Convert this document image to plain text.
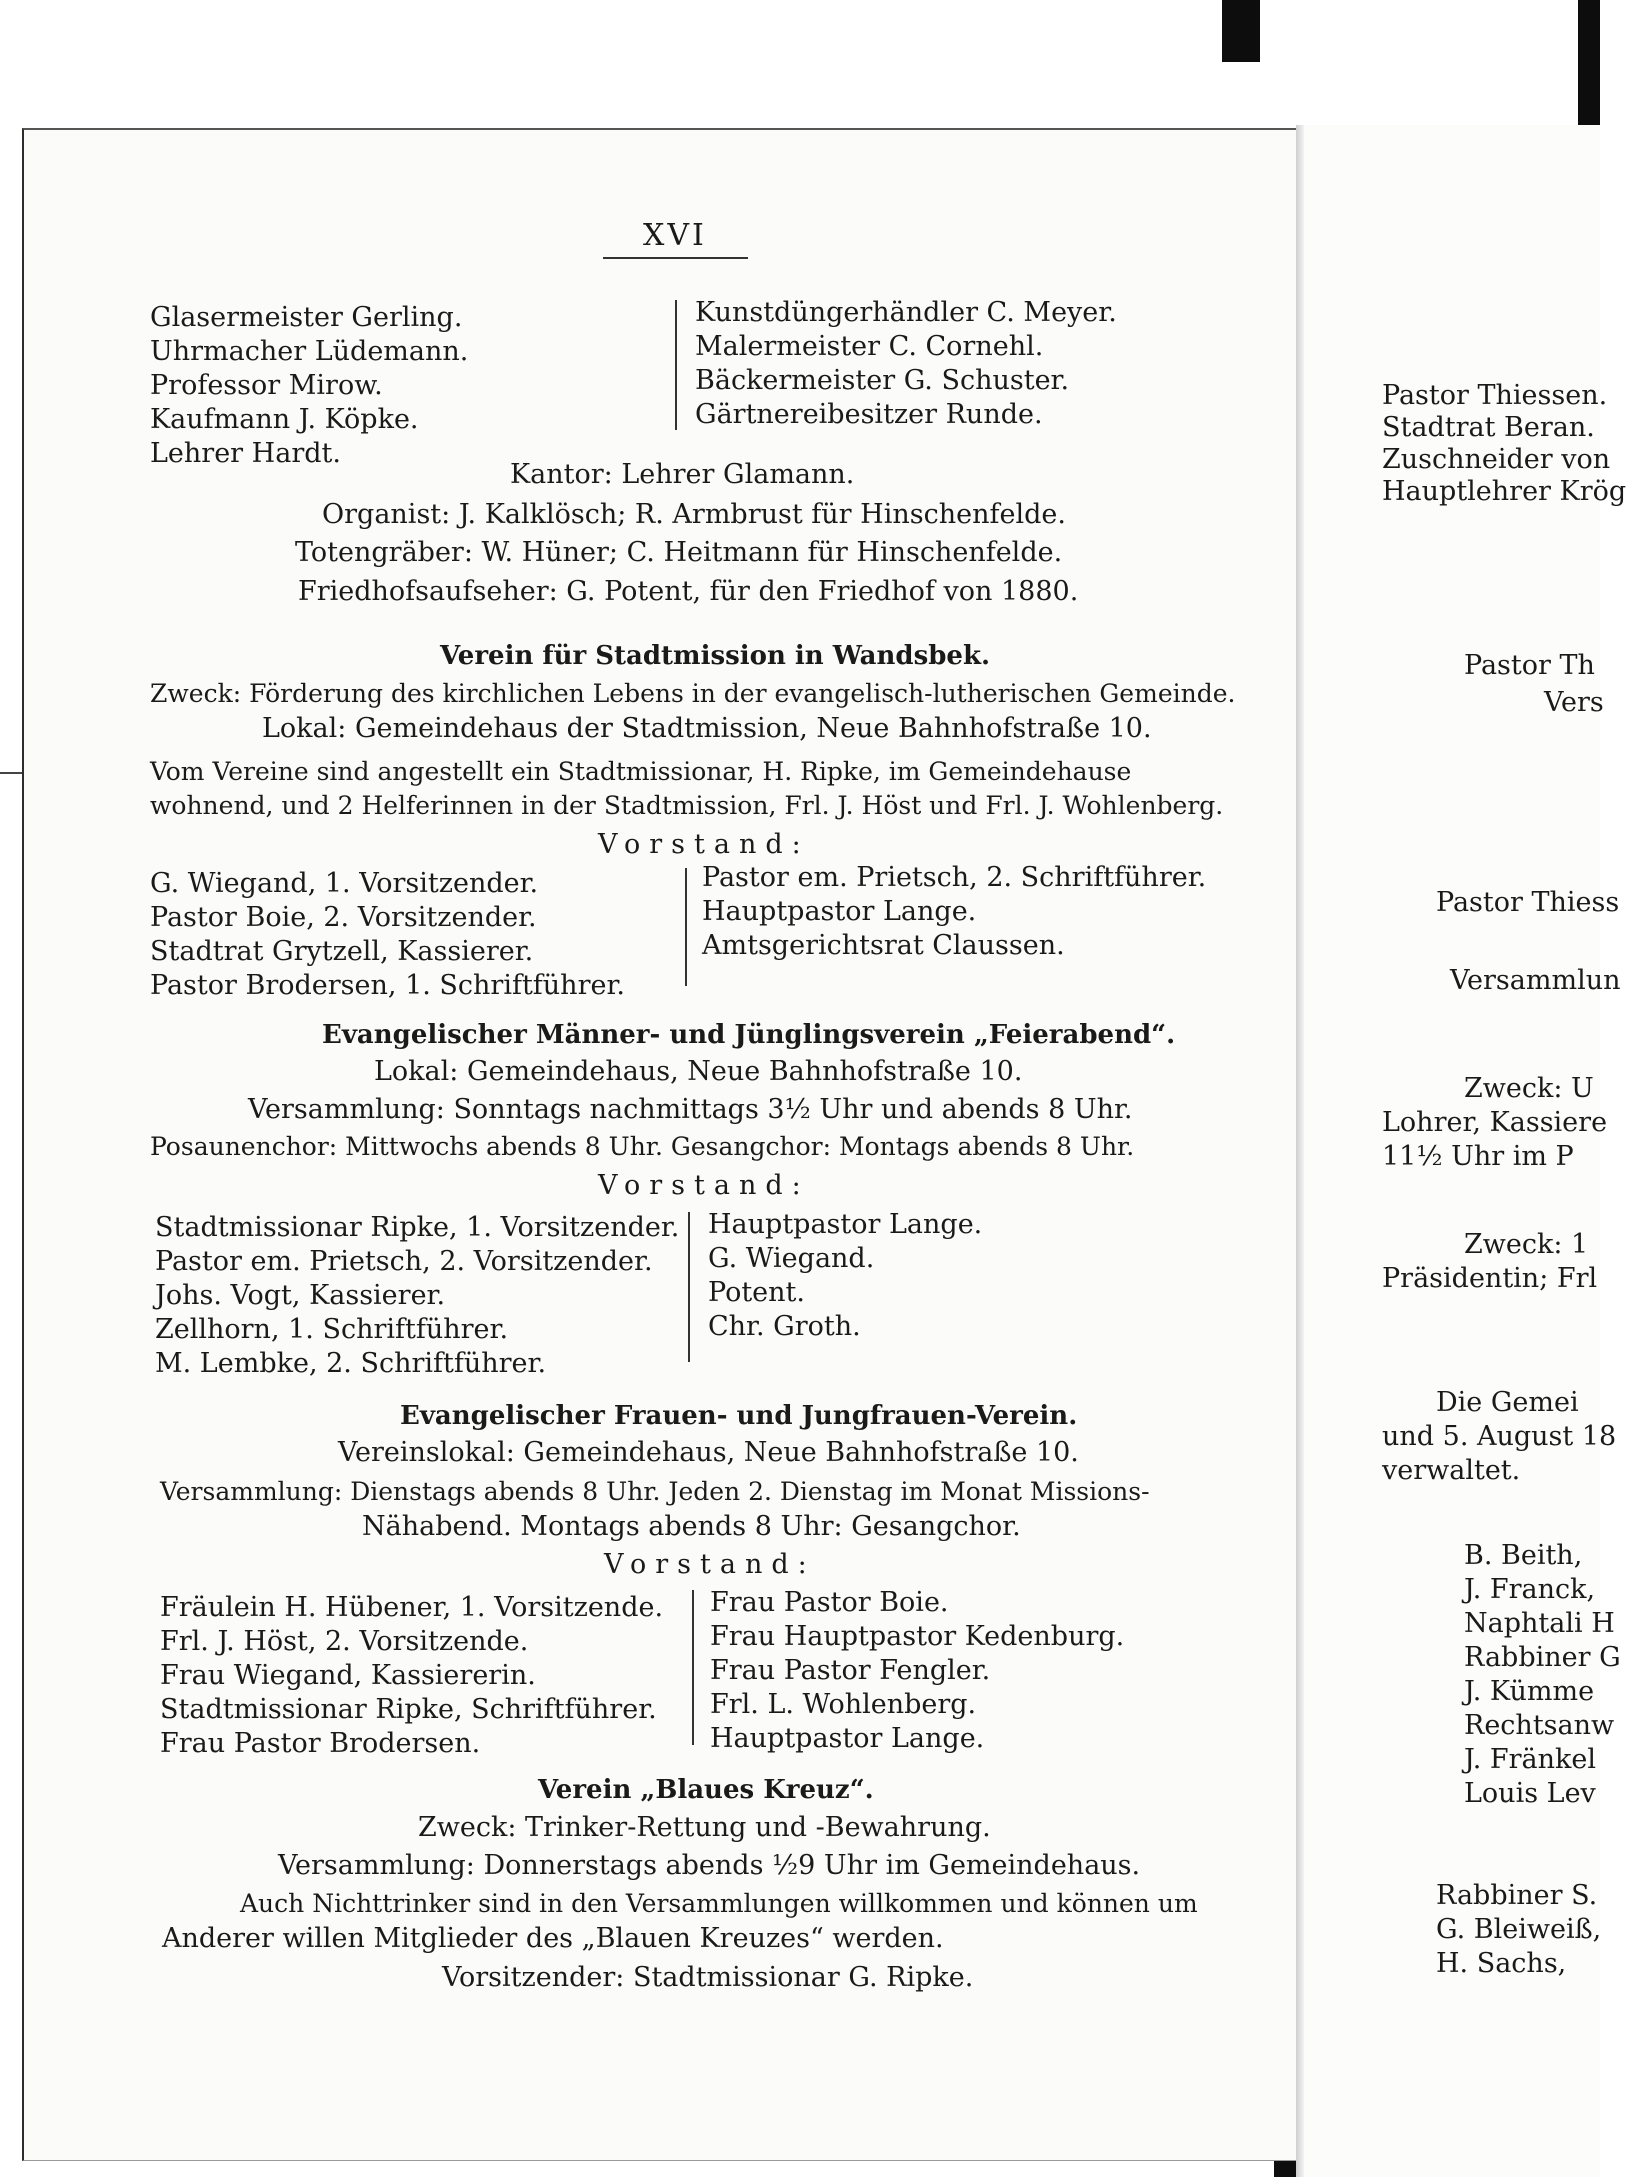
XVI
Glasermeister Gerling.
Uhrmacher Lüdemann.
Professor Mirow.
Kaufmann J. Köpke.
Lehrer Hardt.
Kunstdüngerhändler C. Meyer.
Malermeister C. Cornehl.
Bäckermeister G. Schuster.
Gärtnereibesitzer Runde.
Kantor: Lehrer Glamann.
Organist: J. Kalklösch; R. Armbrust für Hinschenfelde.
Totengräber: W. Hüner; C. Heitmann für Hinschenfelde.
Friedhofsaufseher: G. Potent, für den Friedhof von 1880.
Verein für Stadtmission in Wandsbek.
Zweck: Förderung des kirchlichen Lebens in der evangelisch-lutherischen Gemeinde.
Lokal: Gemeindehaus der Stadtmission, Neue Bahnhofstraße 10.
Vom Vereine sind angestellt ein Stadtmissionar, H. Ripke, im Gemeindehause
wohnend, und 2 Helferinnen in der Stadtmission, Frl. J. Höst und Frl. J. Wohlenberg.
Vorstand:
G. Wiegand, 1. Vorsitzender.
Pastor Boie, 2. Vorsitzender.
Stadtrat Grytzell, Kassierer.
Pastor Brodersen, 1. Schriftführer.
Pastor em. Prietsch, 2. Schriftführer.
Hauptpastor Lange.
Amtsgerichtsrat Claussen.
Evangelischer Männer- und Jünglingsverein „Feierabend“.
Lokal: Gemeindehaus, Neue Bahnhofstraße 10.
Versammlung: Sonntags nachmittags 3½ Uhr und abends 8 Uhr.
Posaunenchor: Mittwochs abends 8 Uhr. Gesangchor: Montags abends 8 Uhr.
Vorstand:
Stadtmissionar Ripke, 1. Vorsitzender.
Pastor em. Prietsch, 2. Vorsitzender.
Johs. Vogt, Kassierer.
Zellhorn, 1. Schriftführer.
M. Lembke, 2. Schriftführer.
Hauptpastor Lange.
G. Wiegand.
Potent.
Chr. Groth.
Evangelischer Frauen- und Jungfrauen-Verein.
Vereinslokal: Gemeindehaus, Neue Bahnhofstraße 10.
Versammlung: Dienstags abends 8 Uhr. Jeden 2. Dienstag im Monat Missions-
Nähabend. Montags abends 8 Uhr: Gesangchor.
Vorstand:
Fräulein H. Hübener, 1. Vorsitzende.
Frl. J. Höst, 2. Vorsitzende.
Frau Wiegand, Kassiererin.
Stadtmissionar Ripke, Schriftführer.
Frau Pastor Brodersen.
Frau Pastor Boie.
Frau Hauptpastor Kedenburg.
Frau Pastor Fengler.
Frl. L. Wohlenberg.
Hauptpastor Lange.
Verein „Blaues Kreuz“.
Zweck: Trinker-Rettung und -Bewahrung.
Versammlung: Donnerstags abends ½9 Uhr im Gemeindehaus.
Auch Nichttrinker sind in den Versammlungen willkommen und können um
Anderer willen Mitglieder des „Blauen Kreuzes“ werden.
Vorsitzender: Stadtmissionar G. Ripke.
Pastor Thiessen.
Stadtrat Beran.
Zuschneider von
Hauptlehrer Krög
Pastor Th
Vers
Pastor Thiess
Versammlun
Zweck: U
Lohrer, Kassiere
11½ Uhr im P
Zweck: 1
Präsidentin; Frl
Die Gemei
und 5. August 18
verwaltet.
B. Beith,
J. Franck,
Naphtali H
Rabbiner G
J. Kümme
Rechtsanw
J. Fränkel
Louis Lev
Rabbiner S.
G. Bleiweiß,
H. Sachs,
